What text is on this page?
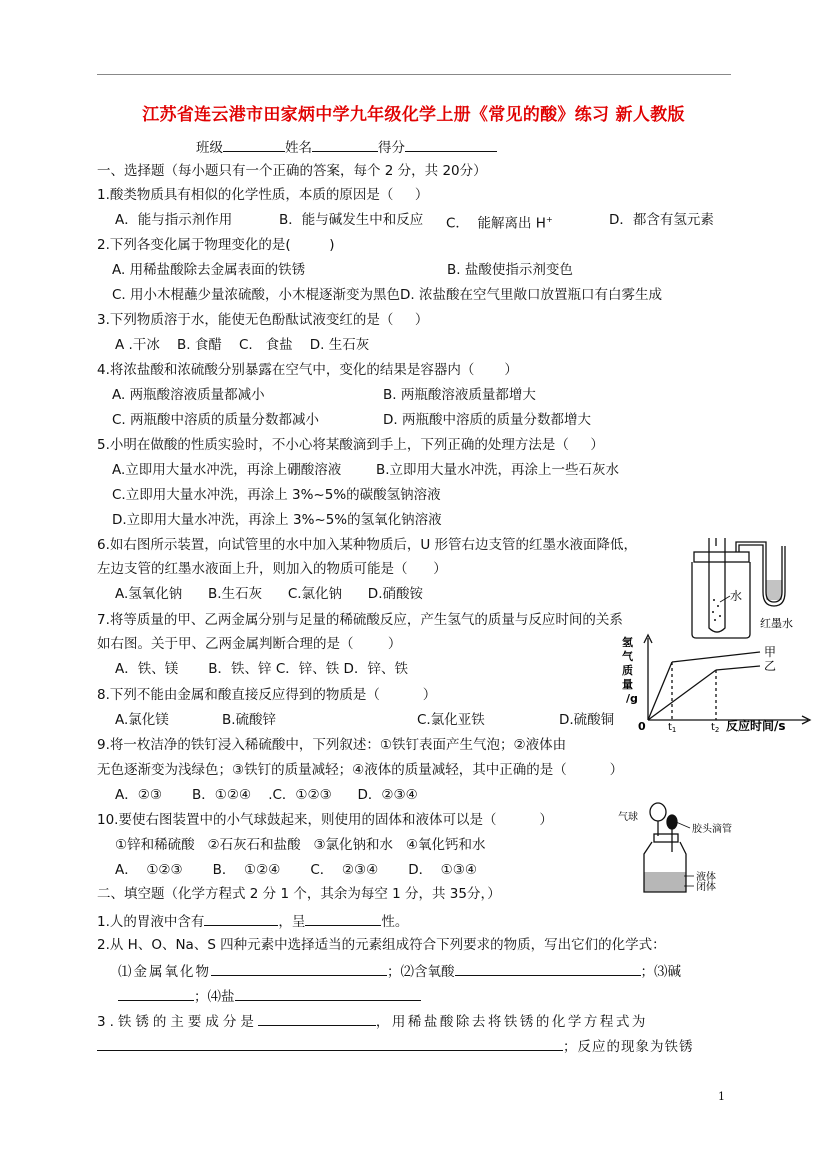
江苏省连云港市田家炳中学九年级化学上册《常见的酸》练习 新人教版
班级	姓名	得分
一、选择题（每小题只有一个正确的答案，每个 2 分，共 20分）
1.酸类物质具有相似的化学性质，本质的原因是（     ）
A．能与指示剂作用	B．能与碱发生中和反应 C．  能解离出 H+	D．都含有氢元素
2.下列各变化属于物理变化的是(         )
A. 用稀盐酸除去金属表面的铁锈	B. 盐酸使指示剂变色
C. 用小木棍蘸少量浓硫酸，小木棍逐渐变为黑色D. 浓盐酸在空气里敞口放置瓶口有白雾生成
3.下列物质溶于水，能使无色酚酞试液变红的是（     ）
A .干冰    B. 食醋    C.   食盐    D. 生石灰
4.将浓盐酸和浓硫酸分别暴露在空气中，变化的结果是容器内（       ）
A. 两瓶酸溶液质量都减小	B. 两瓶酸溶液质量都增大
C. 两瓶酸中溶质的质量分数都减小	D. 两瓶酸中溶质的质量分数都增大
5.小明在做酸的性质实验时，不小心将某酸滴到手上，下列正确的处理方法是（     ）
A.立即用大量水冲洗，再涂上硼酸溶液	B.立即用大量水冲洗，再涂上一些石灰水
C.立即用大量水冲洗，再涂上 3%~5%的碳酸氢钠溶液
D.立即用大量水冲洗，再涂上 3%~5%的氢氧化钠溶液
6.如右图所示装置，向试管里的水中加入某种物质后，U 形管右边支管的红墨水液面降低，
左边支管的红墨水液面上升，则加入的物质可能是（      ）
A.氢氧化钠      B.生石灰      C.氯化钠      D.硝酸铵	水
红墨水
7.将等质量的甲、乙两金属分别与足量的稀硫酸反应，产生氢气的质量与反应时间的关系
如右图。关于甲、乙两金属判断合理的是（        ）
A．铁、镁       B．铁、锌 C．锌、铁 D．锌、铁
氢
气
质
量
/g
甲
乙
0 $t_1$	$t_2$ 反应时间/s
8.下列不能由金属和酸直接反应得到的物质是（          ）
A.氯化镁	B.硫酸锌	C.氯化亚铁	D.硫酸铜
9.将一枚洁净的铁钉浸入稀硫酸中，下列叙述：①铁钉表面产生气泡；②液体由
无色逐渐变为浅绿色；③铁钉的质量减轻；④液体的质量减轻，其中正确的是（          ）
A．②③       B．①②④    .C．①②③      D．②③④
10.要使右图装置中的小气球鼓起来，则使用的固体和液体可以是（          ）
①锌和稀硫酸   ②石灰石和盐酸   ③氯化钠和水   ④氧化钙和水
A．  ①②③       B．  ①②④       C．  ②③④       D．  ①③④
气球
胶头滴管
液体
闭体
二、填空题（化学方程式 2 分 1 个，其余为每空 1 分，共 35分，）
1.人的胃液中含有	，呈	性。
2.从 H、O、Na、S 四种元素中选择适当的元素组成符合下列要求的物质，写出它们的化学式：
⑴金属氧化物	；⑵含氧酸	；⑶碱
；⑷盐
3.铁锈的主要成分是	，用稀盐酸除去将铁锈的化学方程式为
；反应的现象为铁锈
1
